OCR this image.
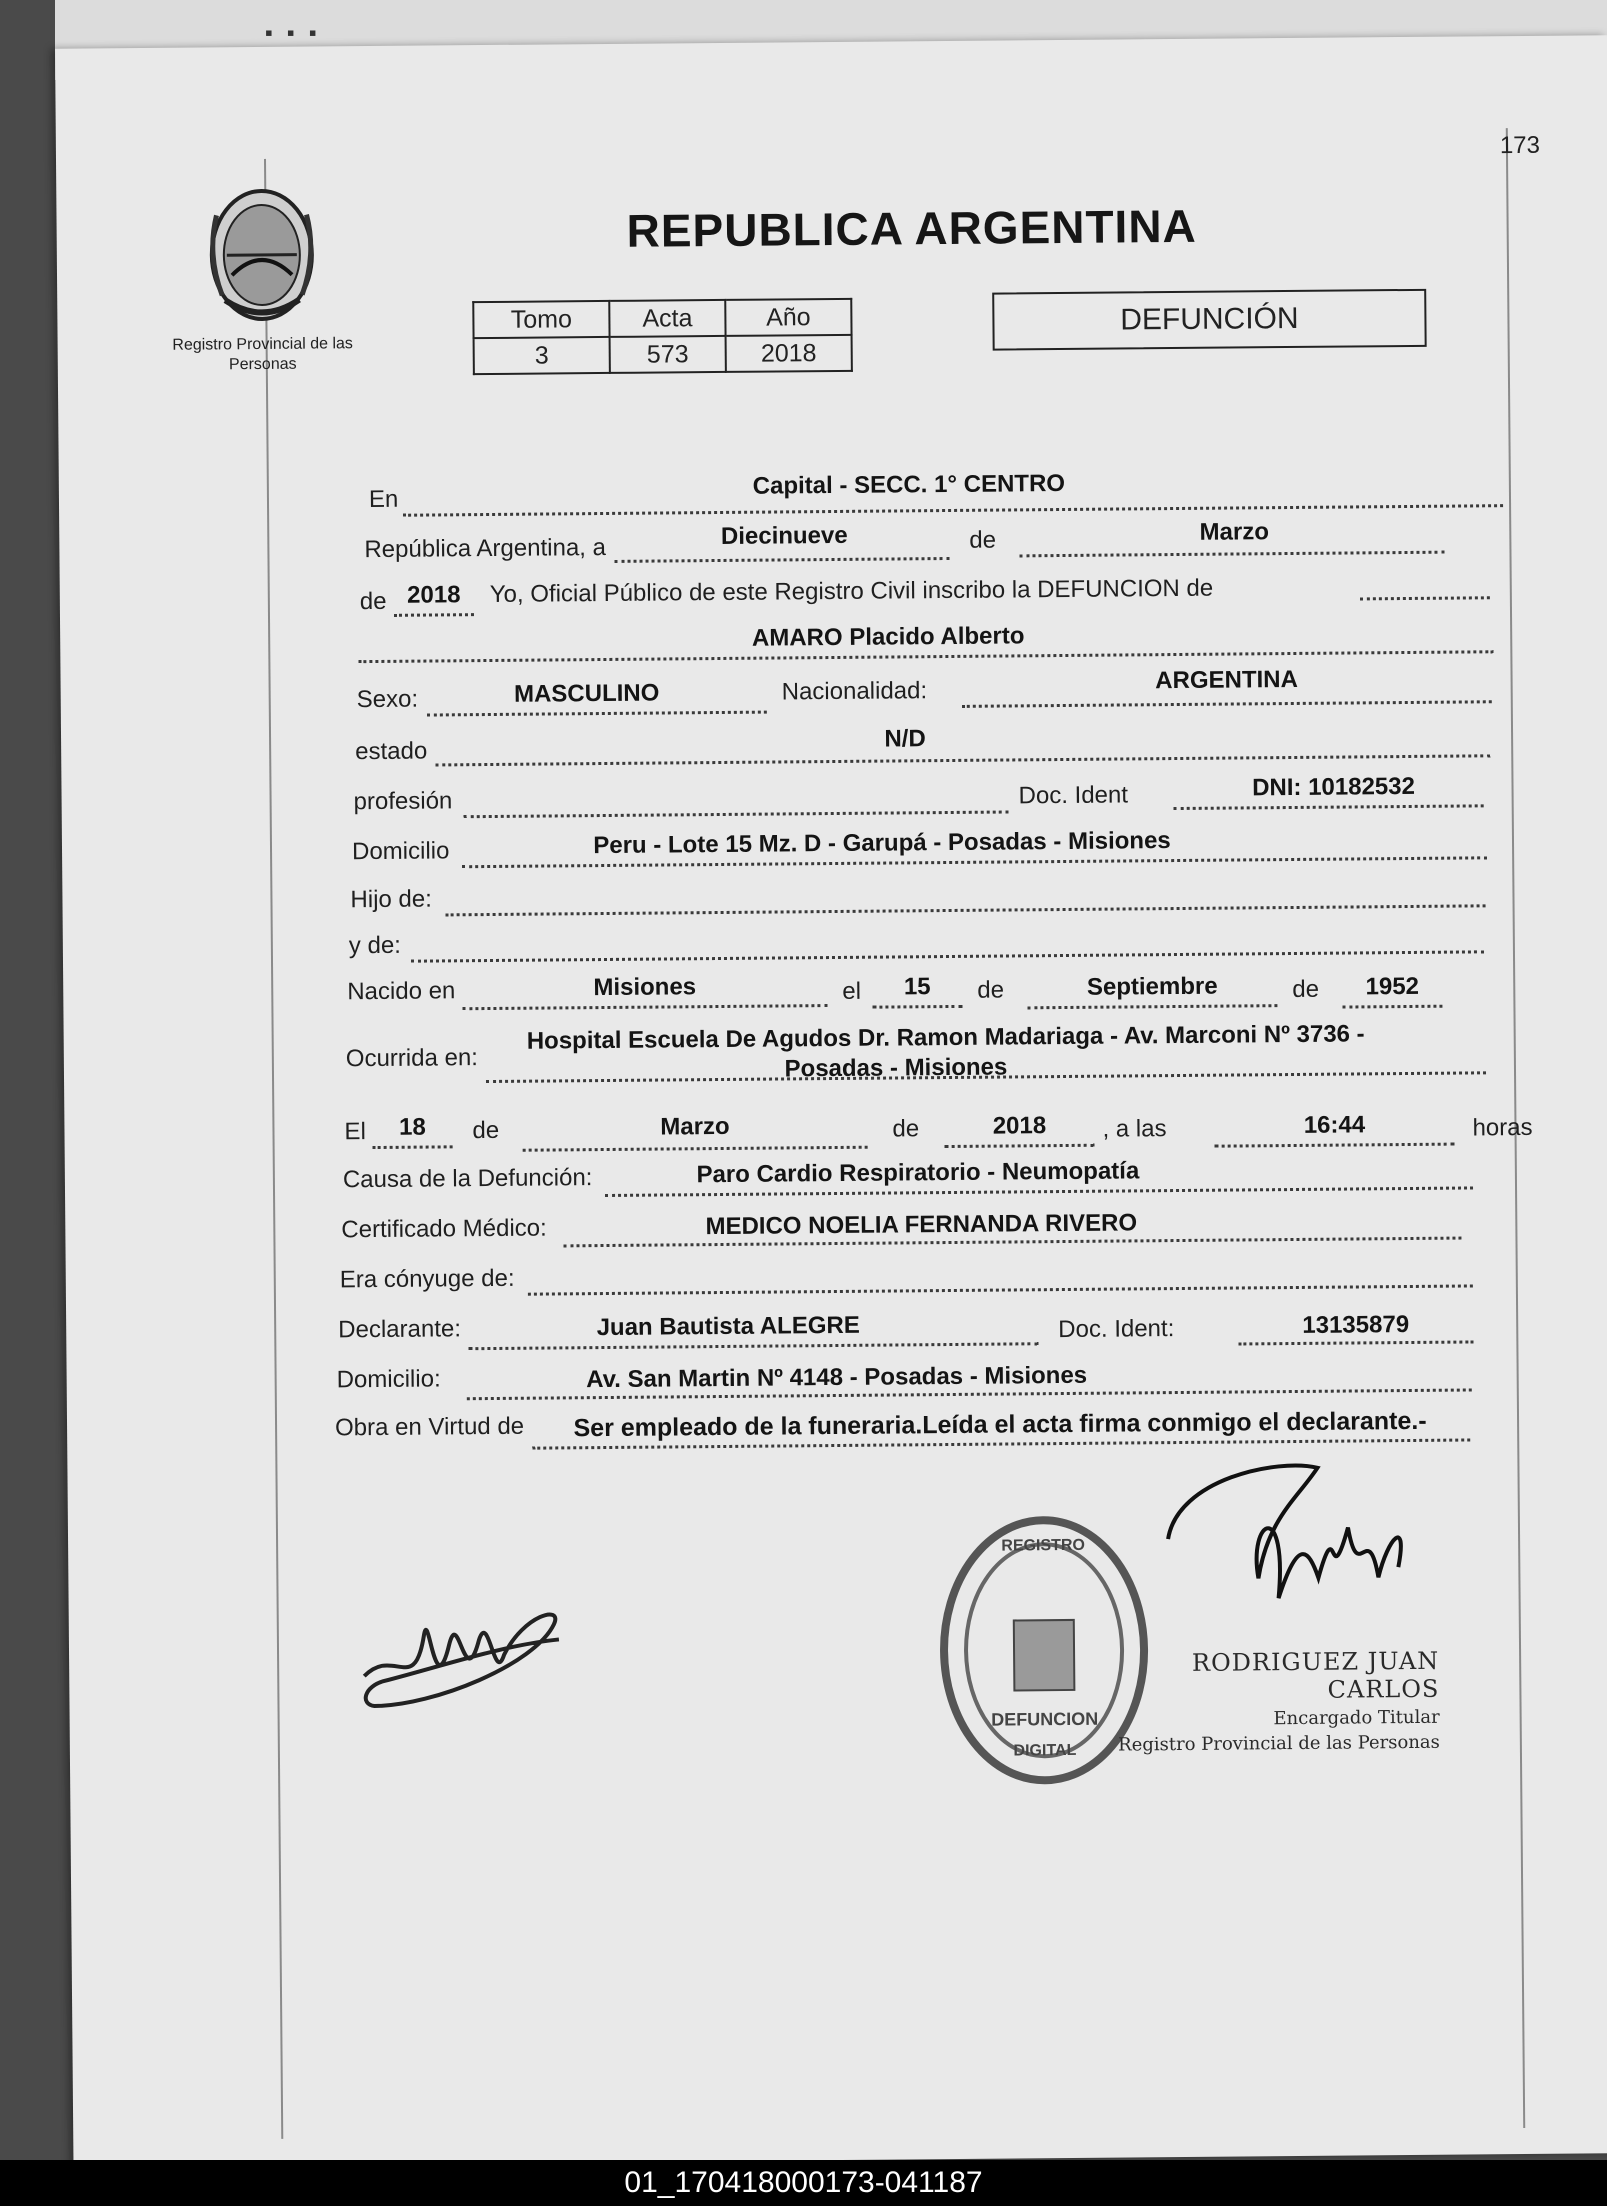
▪ ▪ ▪
173
Registro Provincial de las Personas
REPUBLICA ARGENTINA
Tomo	Acta	Año
3	573	2018
DEFUNCIÓN
En	Capital - SECC. 1° CENTRO
República Argentina, a	Diecinueve	de	Marzo
de 2018	Yo, Oficial Público de este Registro Civil inscribo la DEFUNCION de
AMARO Placido Alberto
Sexo:	MASCULINO	Nacionalidad:	ARGENTINA
estado	N/D
profesión	Doc. Ident	DNI: 10182532
Domicilio	Peru - Lote 15 Mz. D - Garupá - Posadas - Misiones
Hijo de:
y de:
Nacido en	Misiones	el	15	de	Septiembre	de	1952
Ocurrida en:
Hospital Escuela De Agudos Dr. Ramon Madariaga - Av. Marconi Nº 3736 -
Posadas - Misiones
El	18	de	Marzo	de	2018	, a las	16:44	horas
Causa de la Defunción:	Paro Cardio Respiratorio - Neumopatía
Certificado Médico:	MEDICO NOELIA FERNANDA RIVERO
Era cónyuge de:
Declarante:	Juan Bautista ALEGRE	Doc. Ident:	13135879
Domicilio:	Av. San Martin Nº 4148 - Posadas - Misiones
Obra en Virtud de	Ser empleado de la funeraria.Leída el acta firma conmigo el declarante.-
REGISTRO
DEFUNCION
DIGITAL
RODRIGUEZ JUAN CARLOS
Encargado Titular
Registro Provincial de las Personas
01_170418000173-041187
